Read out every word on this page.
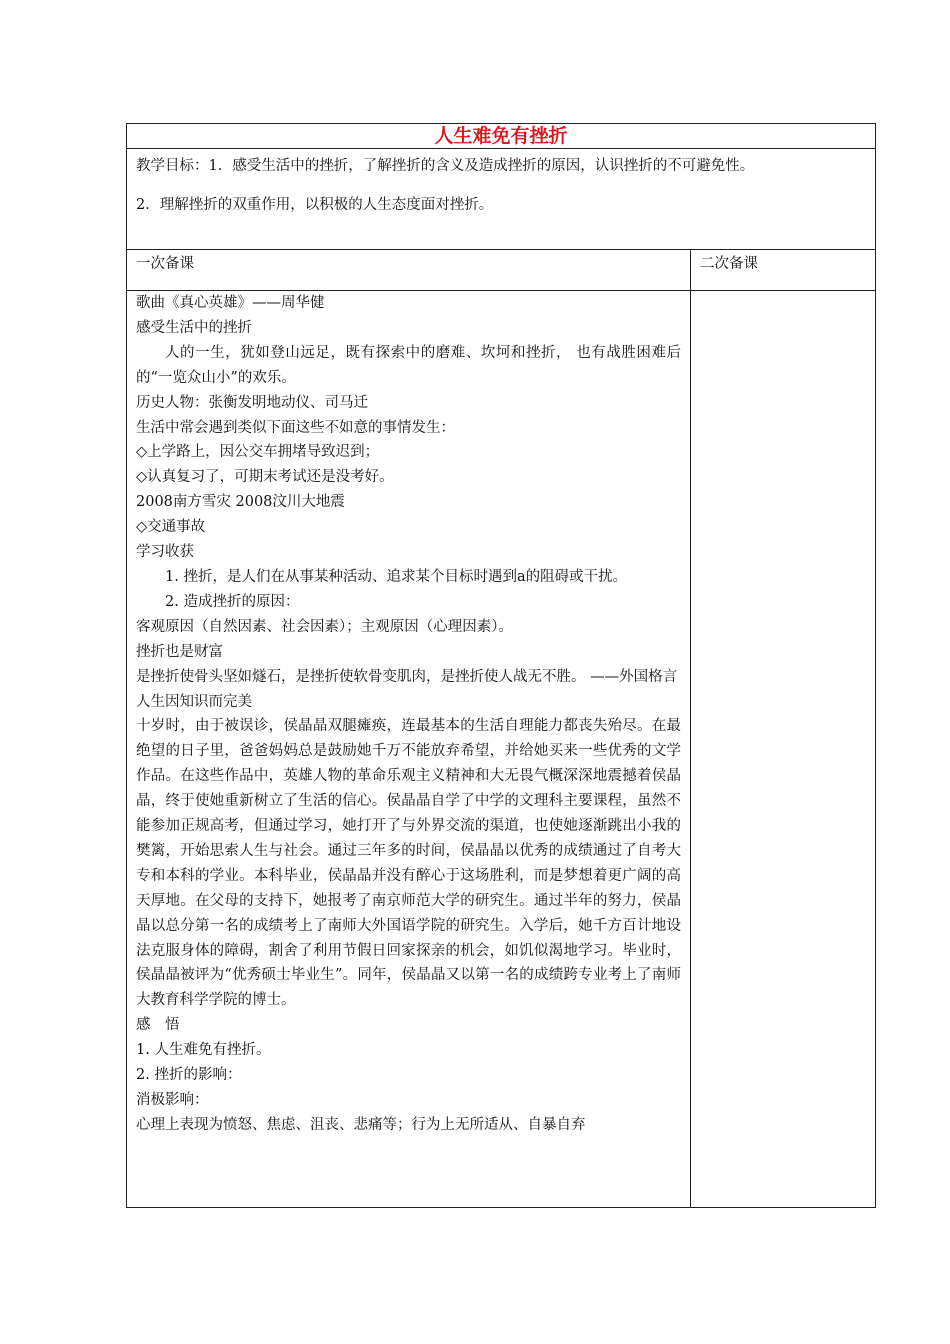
人生难免有挫折

教学目标：1．感受生活中的挫折，了解挫折的含义及造成挫折的原因，认识挫折的不可避免性。

2．理解挫折的双重作用，以积极的人生态度面对挫折。

一次备课	二次备课

歌曲《真心英雄》——周华健

感受生活中的挫折

人的一生，犹如登山远足，既有探索中的磨难、坎坷和挫折， 也有战胜困难后的“一览众山小”的欢乐。

历史人物：张衡发明地动仪、司马迁

生活中常会遇到类似下面这些不如意的事情发生：

◇上学路上，因公交车拥堵导致迟到；

◇认真复习了，可期末考试还是没考好。

2008南方雪灾 2008汶川大地震

◇交通事故

学习收获

1. 挫折，是人们在从事某种活动、追求某个目标时遇到a的阻碍或干扰。

2. 造成挫折的原因：

客观原因（自然因素、社会因素）；主观原因（心理因素）。

挫折也是财富

是挫折使骨头坚如燧石，是挫折使软骨变肌肉，是挫折使人战无不胜。 ——外国格言

人生因知识而完美

十岁时，由于被误诊，侯晶晶双腿瘫痪，连最基本的生活自理能力都丧失殆尽。在最绝望的日子里，爸爸妈妈总是鼓励她千万不能放弃希望，并给她买来一些优秀的文学作品。在这些作品中，英雄人物的革命乐观主义精神和大无畏气概深深地震撼着侯晶晶，终于使她重新树立了生活的信心。侯晶晶自学了中学的文理科主要课程，虽然不能参加正规高考，但通过学习，她打开了与外界交流的渠道，也使她逐渐跳出小我的樊篱，开始思索人生与社会。通过三年多的时间，侯晶晶以优秀的成绩通过了自考大专和本科的学业。本科毕业，侯晶晶并没有醉心于这场胜利，而是梦想着更广阔的高天厚地。在父母的支持下，她报考了南京师范大学的研究生。通过半年的努力，侯晶晶以总分第一名的成绩考上了南师大外国语学院的研究生。入学后，她千方百计地设法克服身体的障碍，割舍了利用节假日回家探亲的机会，如饥似渴地学习。毕业时，侯晶晶被评为“优秀硕士毕业生”。同年，侯晶晶又以第一名的成绩跨专业考上了南师大教育科学学院的博士。

感　悟

1. 人生难免有挫折。

2. 挫折的影响：

消极影响：

心理上表现为愤怒、焦虑、沮丧、悲痛等；行为上无所适从、自暴自弃
